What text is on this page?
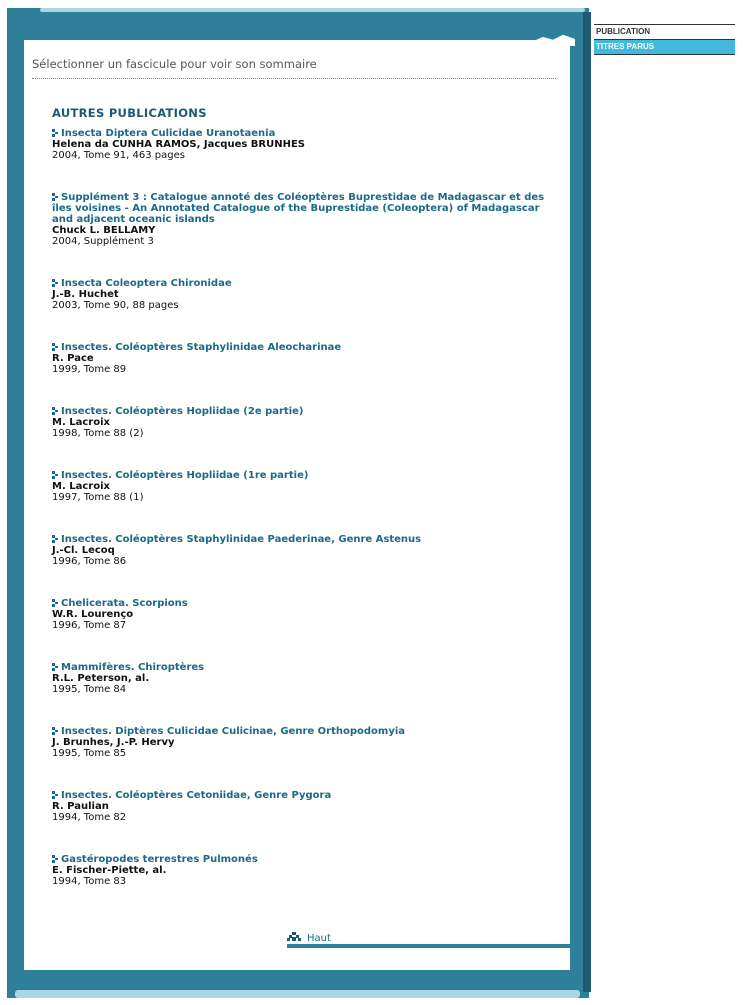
Sélectionner un fascicule pour voir son sommaire
AUTRES PUBLICATIONS
Insecta Diptera Culicidae Uranotaenia
Helena da CUNHA RAMOS, Jacques BRUNHES
2004, Tome 91, 463 pages
Supplément 3 : Catalogue annoté des Coléoptères Buprestidae de Madagascar et des îles voisines - An Annotated Catalogue of the Buprestidae (Coleoptera) of Madagascar and adjacent oceanic islands
Chuck L. BELLAMY
2004, Supplément 3
Insecta Coleoptera Chironidae
J.-B. Huchet
2003, Tome 90, 88 pages
Insectes. Coléoptères Staphylinidae Aleocharinae
R. Pace
1999, Tome 89
Insectes. Coléoptères Hopliidae (2e partie)
M. Lacroix
1998, Tome 88 (2)
Insectes. Coléoptères Hopliidae (1re partie)
M. Lacroix
1997, Tome 88 (1)
Insectes. Coléoptères Staphylinidae Paederinae, Genre Astenus
J.-Cl. Lecoq
1996, Tome 86
Chelicerata. Scorpions
W.R. Lourenço
1996, Tome 87
Mammifères. Chiroptères
R.L. Peterson, al.
1995, Tome 84
Insectes. Diptères Culicidae Culicinae, Genre Orthopodomyia
J. Brunhes, J.-P. Hervy
1995, Tome 85
Insectes. Coléoptères Cetoniidae, Genre Pygora
R. Paulian
1994, Tome 82
Gastéropodes terrestres Pulmonés
E. Fischer-Piette, al.
1994, Tome 83
Haut
PUBLICATION
TITRES PARUS
